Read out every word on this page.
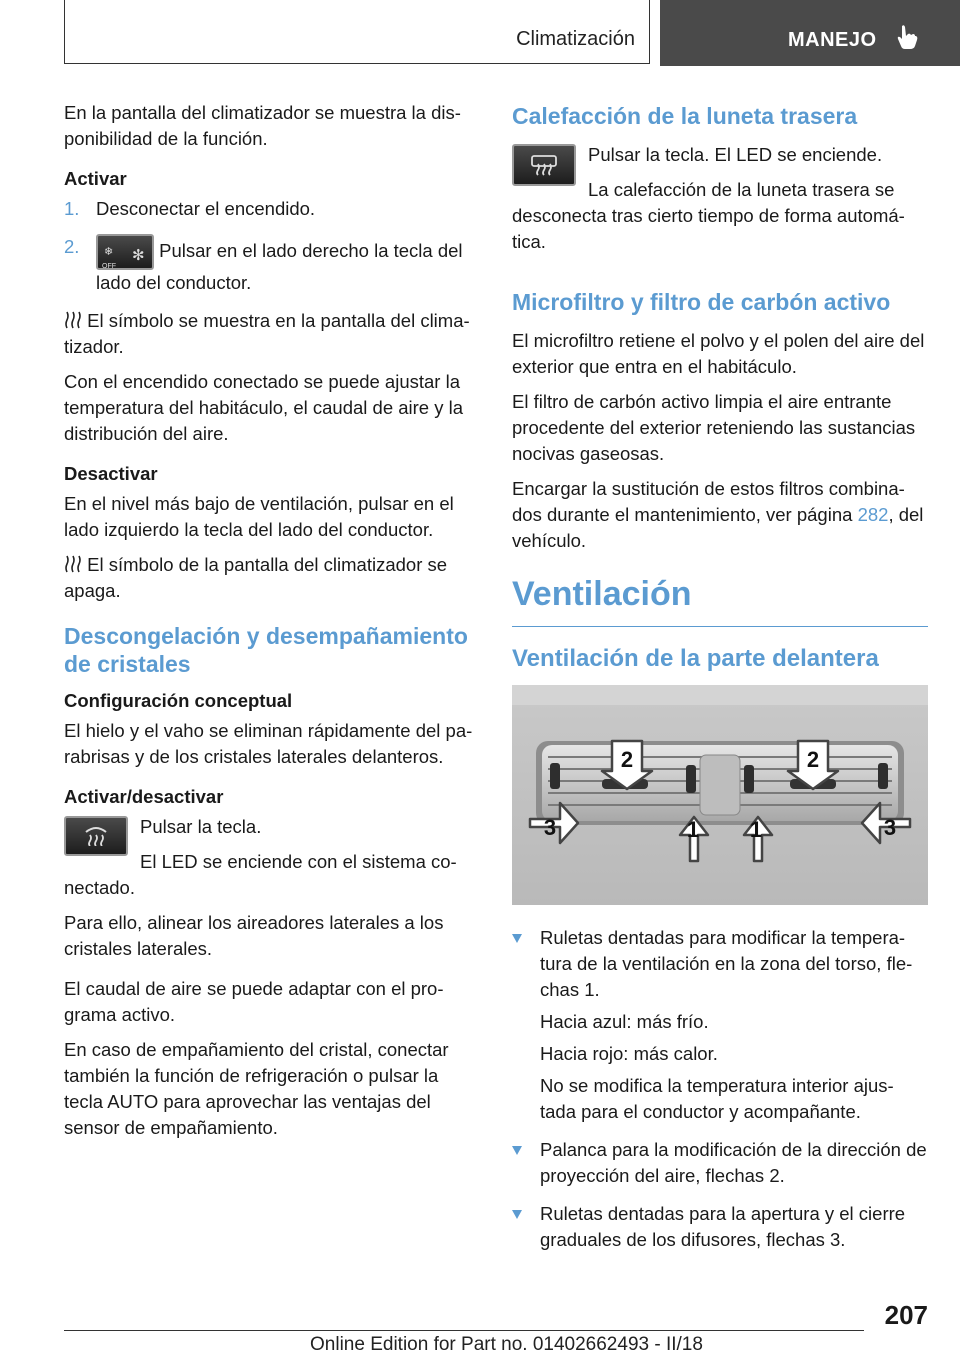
Climatización	MANEJO

En la pantalla del climatizador se muestra la dis‐ponibilidad de la función.

Activar
1. Desconectar el encendido.
2. ❄
OFF
✻ Pulsar en el lado derecho la tecla del lado del conductor.

El símbolo se muestra en la pantalla del clima‐tizador.

Con el encendido conectado se puede ajustar la temperatura del habitáculo, el caudal de aire y la distribución del aire.

Desactivar

En el nivel más bajo de ventilación, pulsar en el lado izquierdo la tecla del lado del conductor.

El símbolo de la pantalla del climatizador se apaga.

Descongelación y desempañamiento de cristales
Configuración conceptual

El hielo y el vaho se eliminan rápidamente del pa‐rabrisas y de los cristales laterales delanteros.

Activar/desactivar

Pulsar la tecla.

El LED se enciende con el sistema co‐nectado.

Para ello, alinear los aireadores laterales a los cristales laterales.

El caudal de aire se puede adaptar con el pro‐grama activo.

En caso de empañamiento del cristal, conectar también la función de refrigeración o pulsar la tecla AUTO para aprovechar las ventajas del sensor de empañamiento.

Calefacción de la luneta trasera

Pulsar la tecla. El LED se enciende.

La calefacción de la luneta trasera se desconecta tras cierto tiempo de forma automá‐tica.

Microfiltro y filtro de carbón activo

El microfiltro retiene el polvo y el polen del aire del exterior que entra en el habitáculo.

El filtro de carbón activo limpia el aire entrante procedente del exterior reteniendo las sustancias nocivas gaseosas.

Encargar la sustitución de estos filtros combina‐dos durante el mantenimiento, ver página 282, del vehículo.

Ventilación
Ventilación de la parte delantera
2	2
3	1 1	3
Ruletas dentadas para modificar la tempera‐tura de la ventilación en la zona del torso, fle‐chas 1.
Hacia azul: más frío.
Hacia rojo: más calor.
No se modifica la temperatura interior ajus‐tada para el conductor y acompañante.
Palanca para la modificación de la dirección de proyección del aire, flechas 2.
Ruletas dentadas para la apertura y el cierre graduales de los difusores, flechas 3.
207
Online Edition for Part no. 01402662493 - II/18
